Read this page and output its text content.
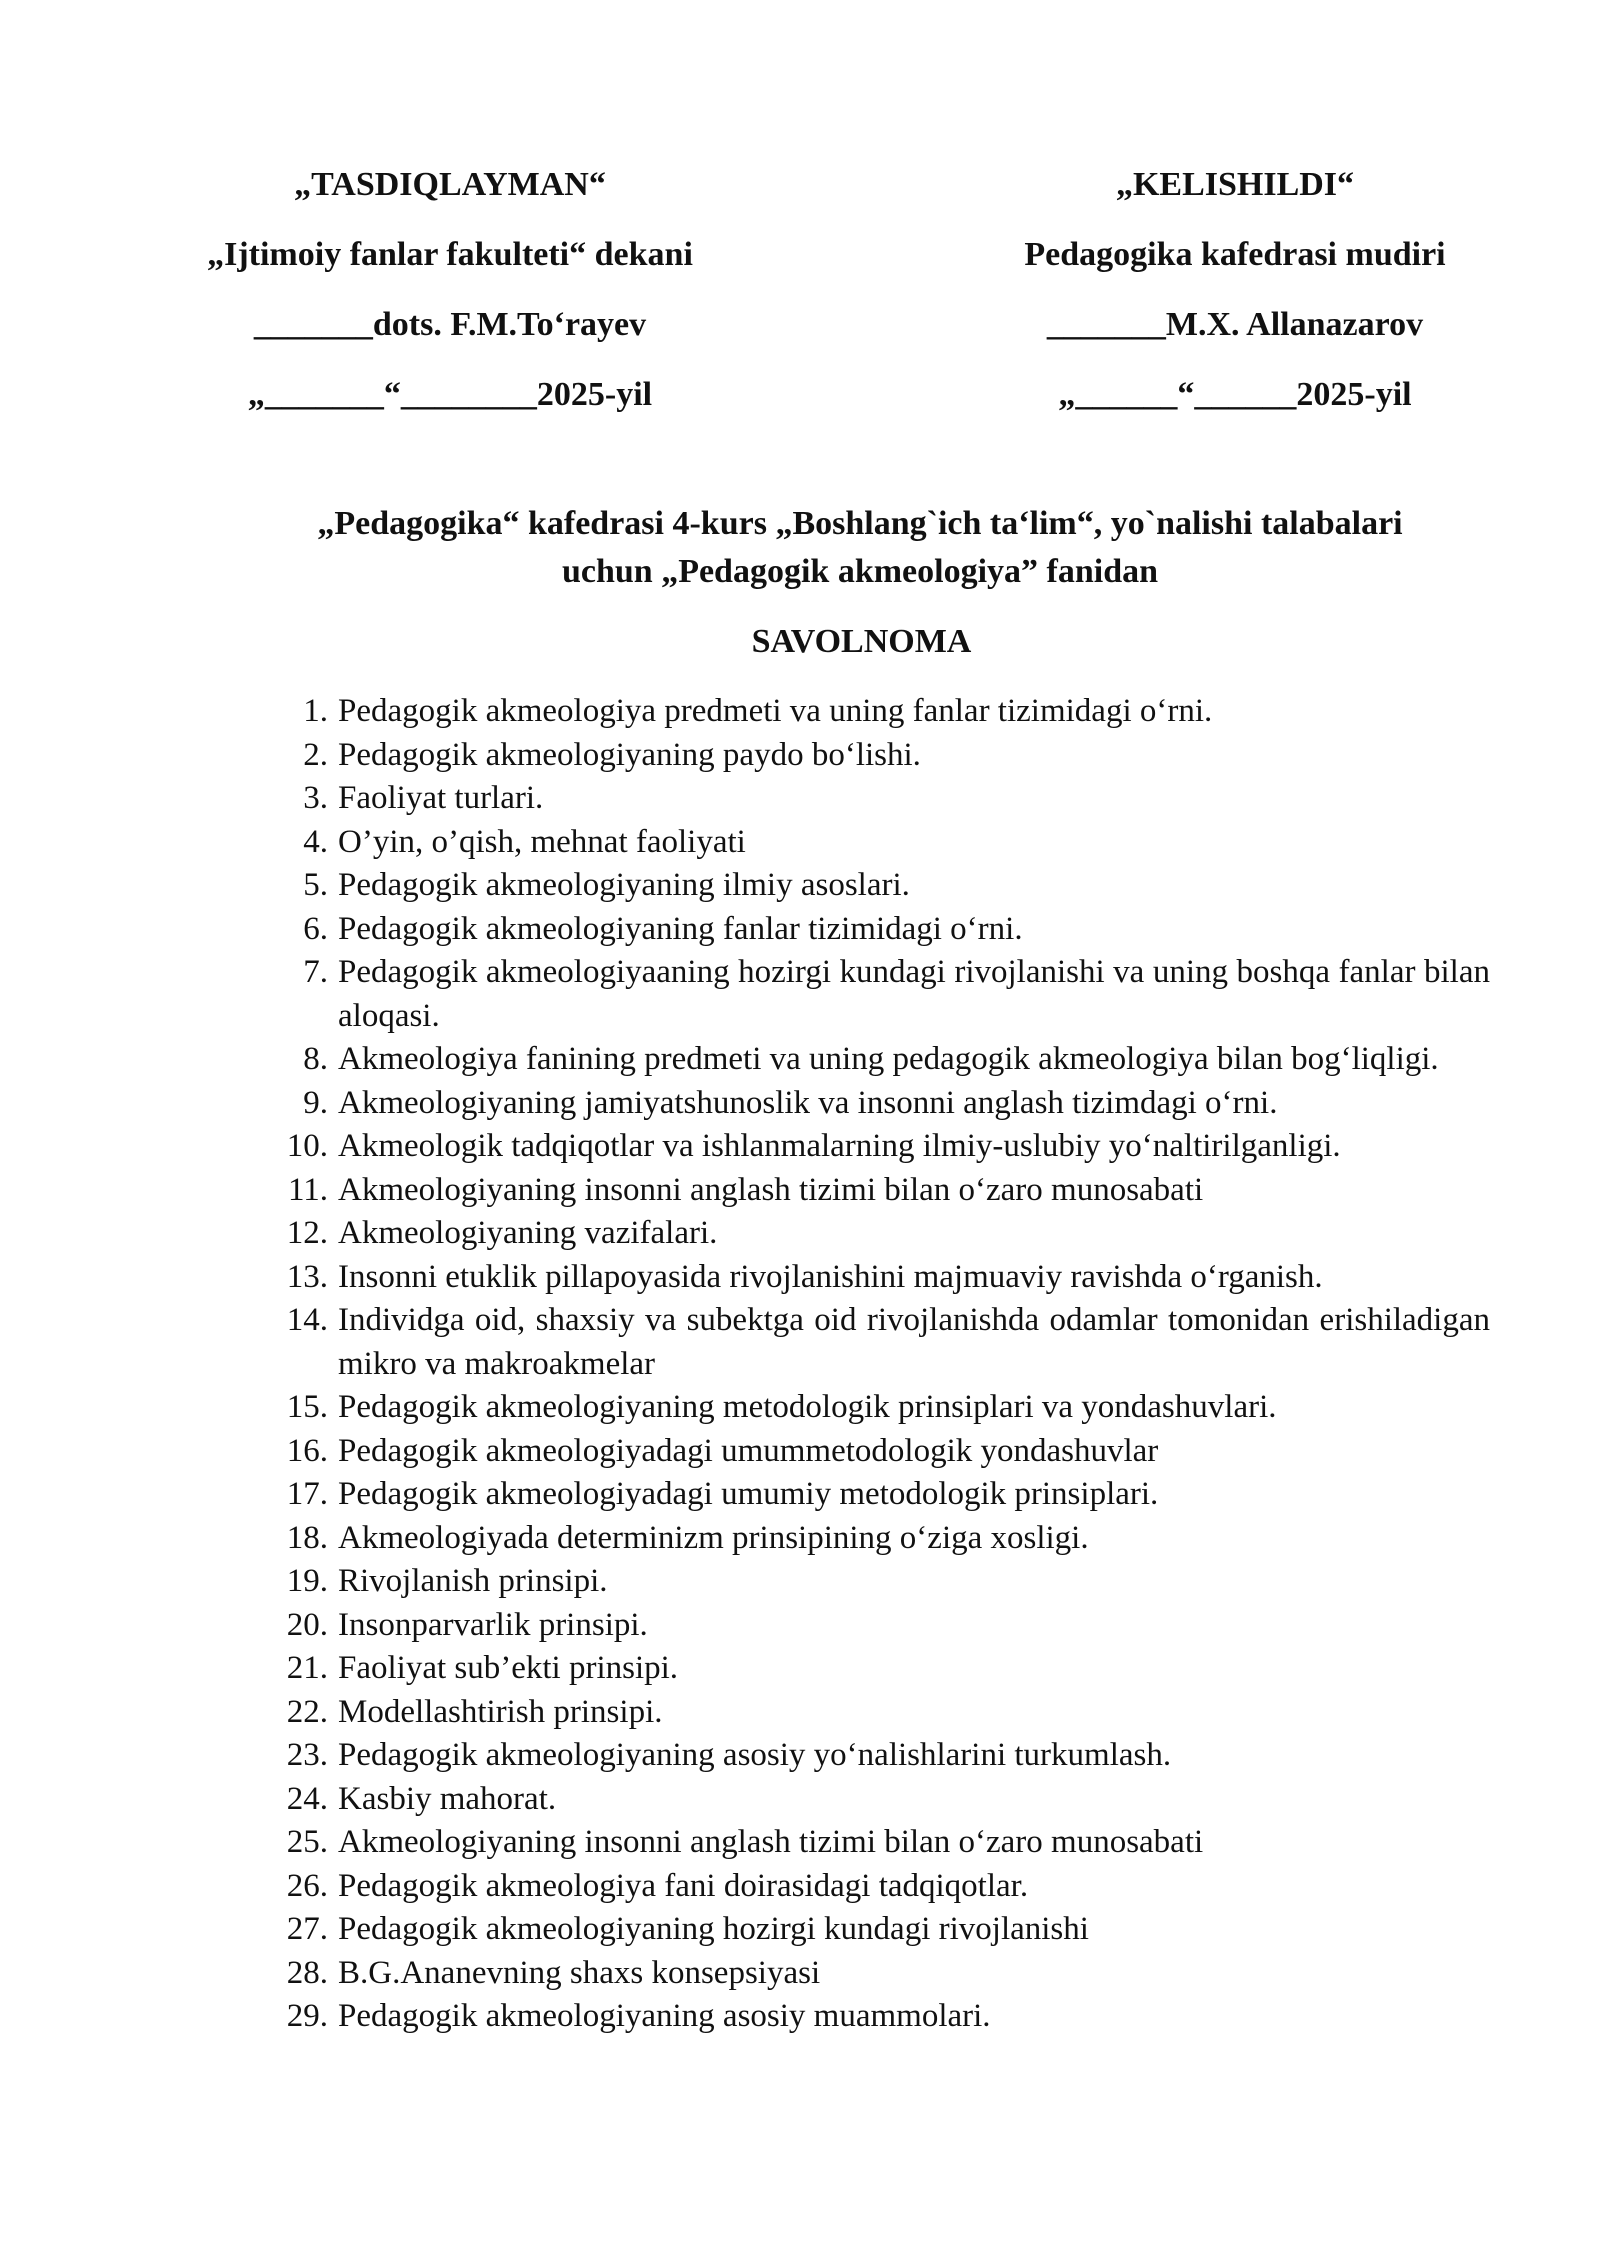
„TASDIQLAYMAN“
„Ijtimoiy fanlar fakulteti“ dekani
_______dots. F.M.To‘rayev
„_______“________2025-yil
„KELISHILDI“
Pedagogika kafedrasi mudiri
_______M.X. Allanazarov
„______“______2025-yil
„Pedagogika“ kafedrasi 4-kurs „Boshlang`ich ta‘lim“, yo`nalishi talabalari
uchun „Pedagogik akmeologiya” fanidan
SAVOLNOMA
1. Pedagogik akmeologiya predmeti va uning fanlar tizimidagi o‘rni.
2. Pedagogik akmeologiyaning paydo bo‘lishi.
3. Faoliyat turlari.
4. O’yin, o’qish, mehnat faoliyati
5. Pedagogik akmeologiyaning ilmiy asoslari.
6. Pedagogik akmeologiyaning fanlar tizimidagi o‘rni.
7. Pedagogik akmeologiyaaning hozirgi kundagi rivojlanishi va uning boshqa fanlar bilan aloqasi.
8. Akmeologiya fanining predmeti va uning pedagogik akmeologiya bilan bog‘liqligi.
9. Akmeologiyaning jamiyatshunoslik va insonni anglash tizimdagi o‘rni.
10. Akmeologik tadqiqotlar va ishlanmalarning ilmiy-uslubiy yo‘naltirilganligi.
11. Akmeologiyaning insonni anglash tizimi bilan o‘zaro munosabati
12. Akmeologiyaning vazifalari.
13. Insonni etuklik pillapoyasida rivojlanishini majmuaviy ravishda o‘rganish.
14. Individga oid, shaxsiy va subektga oid rivojlanishda odamlar tomonidan erishiladigan mikro va makroakmelar
15. Pedagogik akmeologiyaning metodologik prinsiplari va yondashuvlari.
16. Pedagogik akmeologiyadagi umummetodologik yondashuvlar
17. Pedagogik akmeologiyadagi umumiy metodologik prinsiplari.
18. Akmeologiyada determinizm prinsipining o‘ziga xosligi.
19. Rivojlanish prinsipi.
20. Insonparvarlik prinsipi.
21. Faoliyat sub’ekti prinsipi.
22. Modellashtirish prinsipi.
23. Pedagogik akmeologiyaning asosiy yo‘nalishlarini turkumlash.
24. Kasbiy mahorat.
25. Akmeologiyaning insonni anglash tizimi bilan o‘zaro munosabati
26. Pedagogik akmeologiya fani doirasidagi tadqiqotlar.
27. Pedagogik akmeologiyaning hozirgi kundagi rivojlanishi
28. B.G.Ananevning shaxs konsepsiyasi
29. Pedagogik akmeologiyaning asosiy muammolari.
